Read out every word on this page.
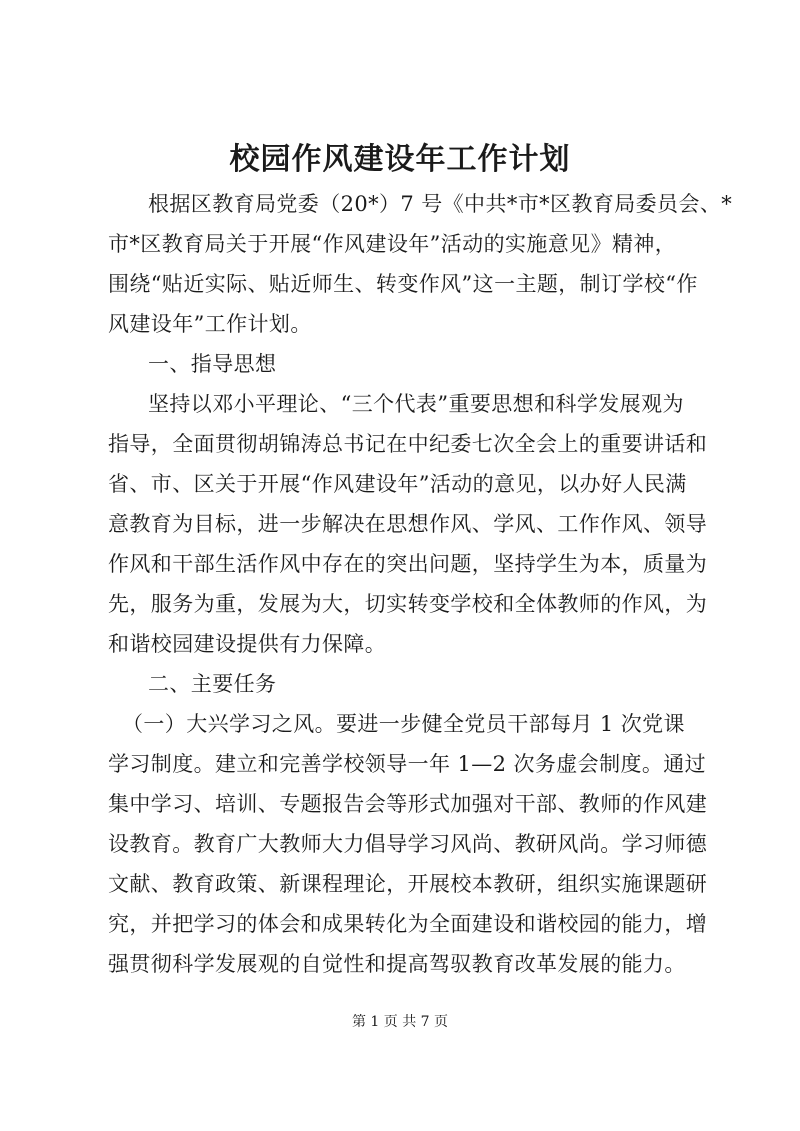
校园作风建设年工作计划
根据区教育局党委（20*）7 号《中共*市*区教育局委员会、*
市*区教育局关于开展“作风建设年”活动的实施意见》精神，
围绕“贴近实际、贴近师生、转变作风”这一主题，制订学校“作
风建设年”工作计划。
一、指导思想
坚持以邓小平理论、“三个代表”重要思想和科学发展观为
指导，全面贯彻胡锦涛总书记在中纪委七次全会上的重要讲话和
省、市、区关于开展“作风建设年”活动的意见，以办好人民满
意教育为目标，进一步解决在思想作风、学风、工作作风、领导
作风和干部生活作风中存在的突出问题，坚持学生为本，质量为
先，服务为重，发展为大，切实转变学校和全体教师的作风，为
和谐校园建设提供有力保障。
二、主要任务
（一）大兴学习之风。要进一步健全党员干部每月 1 次党课
学习制度。建立和完善学校领导一年 1—2 次务虚会制度。通过
集中学习、培训、专题报告会等形式加强对干部、教师的作风建
设教育。教育广大教师大力倡导学习风尚、教研风尚。学习师德
文献、教育政策、新课程理论，开展校本教研，组织实施课题研
究，并把学习的体会和成果转化为全面建设和谐校园的能力，增
强贯彻科学发展观的自觉性和提高驾驭教育改革发展的能力。
第 1 页 共 7 页
